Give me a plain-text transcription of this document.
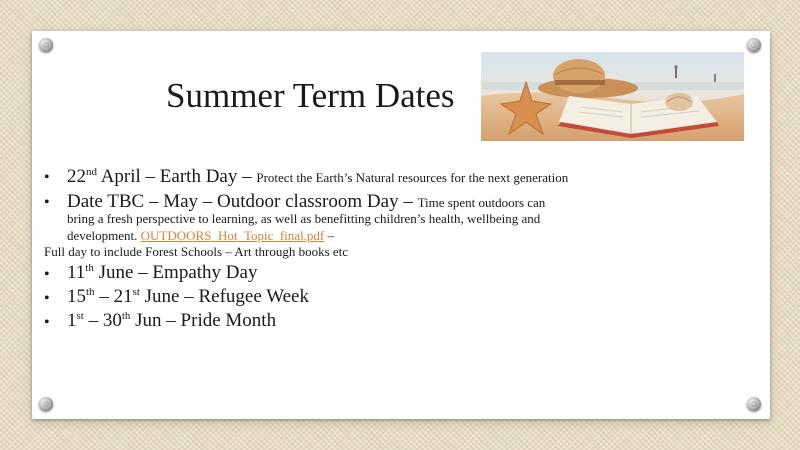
Summer Term Dates
• 22nd April – Earth Day – Protect the Earth’s Natural resources for the next generation
• Date TBC – May – Outdoor classroom Day – Time spent outdoors can
bring a fresh perspective to learning, as well as benefitting children’s health, wellbeing and
development. OUTDOORS_Hot_Topic_final.pdf –
Full day to include Forest Schools – Art through books etc
• 11th June – Empathy Day
• 15th – 21st June – Refugee Week
• 1st – 30th Jun – Pride Month
